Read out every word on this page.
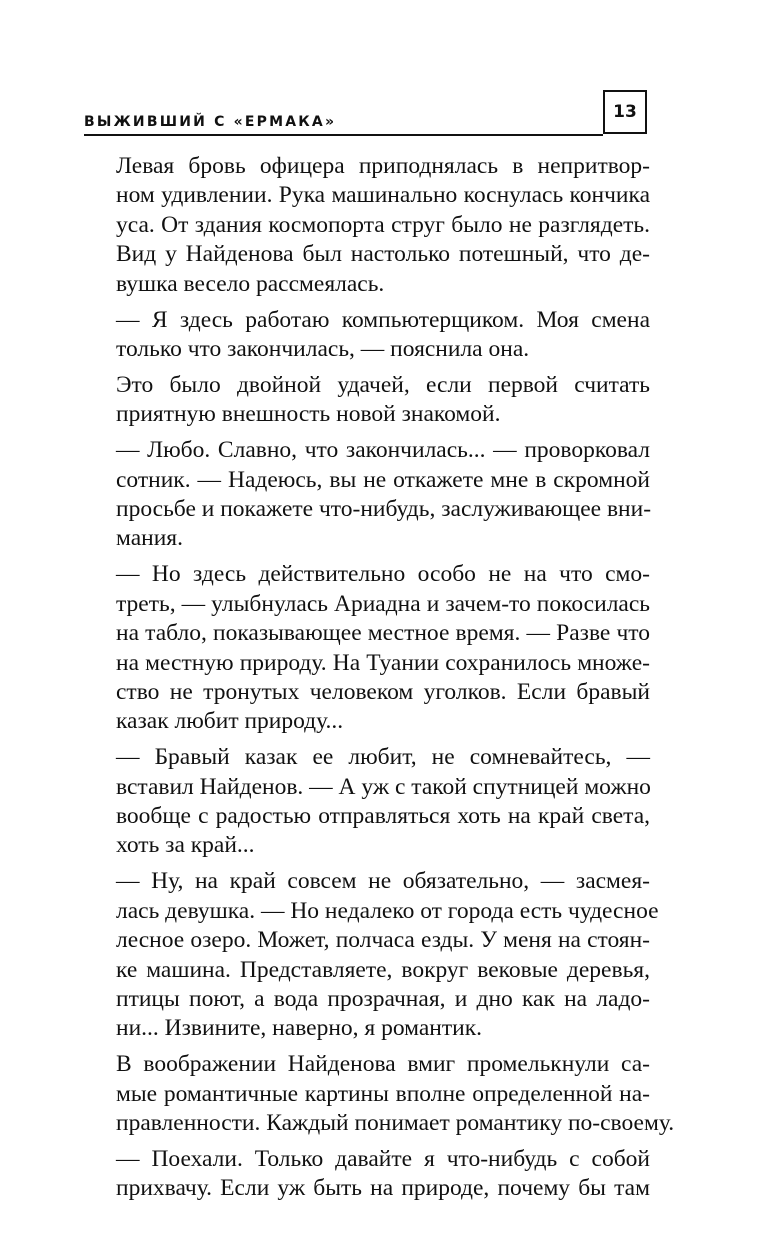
ВЫЖИВШИЙ С «ЕРМАКА»	13

Левая бровь офицера приподнялась в непритвор-
ном удивлении. Рука машинально коснулась кончика
уса. От здания космопорта струг было не разглядеть.
Вид у Найденова был настолько потешный, что де-
вушка весело рассмеялась.

— Я здесь работаю компьютерщиком. Моя смена
только что закончилась, — пояснила она.

Это было двойной удачей, если первой считать
приятную внешность новой знакомой.

— Любо. Славно, что закончилась... — проворковал
сотник. — Надеюсь, вы не откажете мне в скромной
просьбе и покажете что-нибудь, заслуживающее вни-
мания.

— Но здесь действительно особо не на что смо-
треть, — улыбнулась Ариадна и зачем-то покосилась
на табло, показывающее местное время. — Разве что
на местную природу. На Туании сохранилось множе-
ство не тронутых человеком уголков. Если бравый
казак любит природу...

— Бравый казак ее любит, не сомневайтесь, —
вставил Найденов. — А уж с такой спутницей можно
вообще с радостью отправляться хоть на край света,
хоть за край...

— Ну, на край совсем не обязательно, — засмея-
лась девушка. — Но недалеко от города есть чудесное
лесное озеро. Может, полчаса езды. У меня на стоян-
ке машина. Представляете, вокруг вековые деревья,
птицы поют, а вода прозрачная, и дно как на ладо-
ни... Извините, наверно, я романтик.

В воображении Найденова вмиг промелькнули са-
мые романтичные картины вполне определенной на-
правленности. Каждый понимает романтику по-своему.

— Поехали. Только давайте я что-нибудь с собой
прихвачу. Если уж быть на природе, почему бы там
